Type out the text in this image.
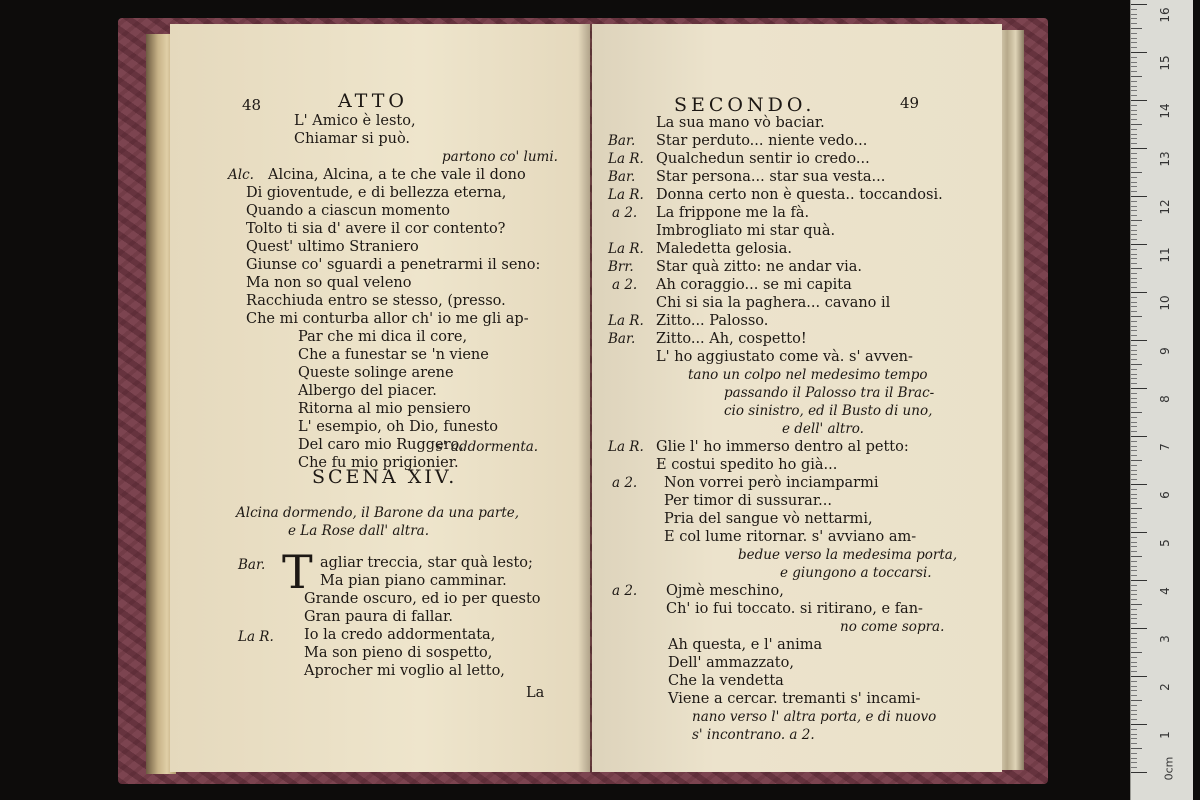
48	ATTO
L' Amico è lesto,
Chiamar si può.
partono co' lumi.
Alc. Alcina, Alcina, a te che vale il dono
Di gioventude, e di bellezza eterna,
Quando a ciascun momento
Tolto ti sia d' avere il cor contento?
Quest' ultimo Straniero
Giunse co' sguardi a penetrarmi il seno:
Ma non so qual veleno
Racchiuda entro se stesso, (presso.
Che mi conturba allor ch' io me gli ap-
Par che mi dica il core,
Che a funestar se 'n viene
Queste solinge arene
Albergo del piacer.
Ritorna al mio pensiero
L' esempio, oh Dio, funesto
Del caro mio Ruggero,
Che fu mio prigionier.
s' addormenta.
SCENA XIV.
Alcina dormendo, il Barone da una parte,
e La Rose dall' altra.
Bar. T agliar treccia, star quà lesto;
Ma pian piano camminar.
Grande oscuro, ed io per questo
Gran paura di fallar.
La R. Io la credo addormentata,
Ma son pieno di sospetto,
Aprocher mi voglio al letto,
La
SECONDO.	49
La sua mano vò baciar.
Bar. Star perduto... niente vedo...
La R. Qualchedun sentir io credo...
Bar. Star persona... star sua vesta...
La R. Donna certo non è questa.. toccandosi.
a 2. La frippone me la fà.
Imbrogliato mi star quà.
La R. Maledetta gelosia.
Brr. Star quà zitto: ne andar via.
a 2. Ah coraggio... se mi capita
Chi si sia la paghera... cavano il
La R. Zitto... Palosso.
Bar. Zitto... Ah, cospetto!
L' ho aggiustato come và. s' avven-
tano un colpo nel medesimo tempo
passando il Palosso tra il Brac-
cio sinistro, ed il Busto di uno,
e dell' altro.
La R. Glie l' ho immerso dentro al petto:
E costui spedito ho già...
a 2. Non vorrei però inciamparmi
Per timor di sussurar...
Pria del sangue vò nettarmi,
E col lume ritornar. s' avviano am-
bedue verso la medesima porta,
e giungono a toccarsi.
a 2. Ojmè meschino,
Ch' io fui toccato. si ritirano, e fan-
no come sopra.
Ah questa, e l' anima
Dell' ammazzato,
Che la vendetta
Viene a cercar. tremanti s' incami-
nano verso l' altra porta, e di nuovo
s' incontrano. a 2.
16
15
14
13
12
11
10
9
8
7
6
5
4
3
2
1
0cm
